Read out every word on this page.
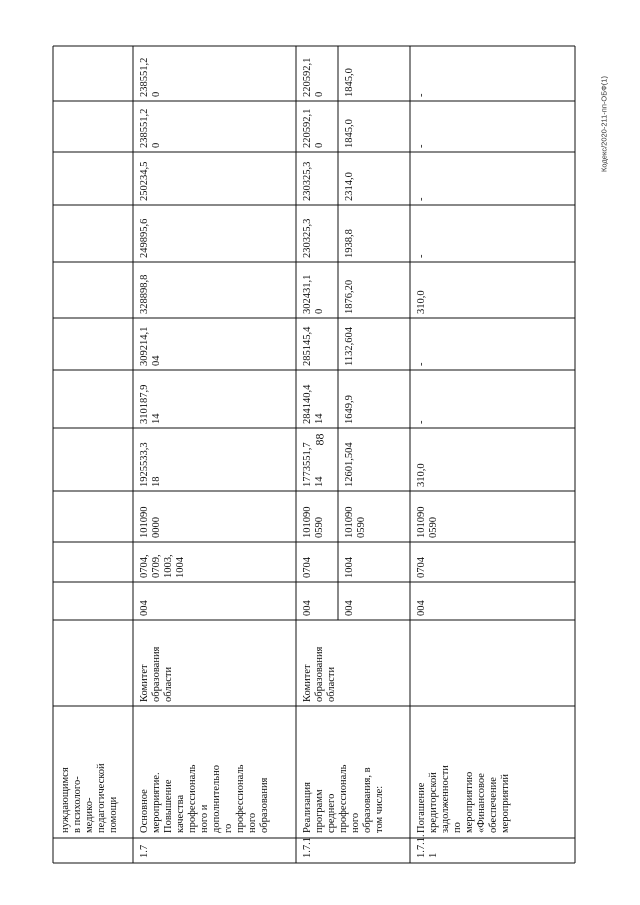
88
Кодекс/2020-211-пп-ОБФ(1)
нуждающимся
в психолого-
медико-
педагогической
помощи
1.7
Основное
мероприятие.
Повышение
качества
профессиональ
ного и
дополнительно
го
профессиональ
ного
образования
Комитет
образования
области
004
0704,
0709,
1003,
1004
101090
0000
1925533,3
18
310187,9
14
309214,1
04
328898,8
249895,6
250234,5
238551,2
0
238551,2
0
1.7.1
Реализация
программ
среднего
профессиональ
ного
образования, в
том числе:
Комитет
образования
области
004
0704
101090
0590
1773551,7
14
284140,4
14
285145,4
302431,1
0
230325,3
230325,3
220592,1
0
220592,1
0
004
1004
101090
0590
12601,504
1649,9
1132,604
1876,20
1938,8
2314,0
1845,0
1845,0
1.7.1.
1
Погашение
кредиторской
задолженности
по
мероприятию
«Финансовое
обеспечение
мероприятий
004
0704
101090
0590
310,0
-
-
310,0
-
-
-
-
